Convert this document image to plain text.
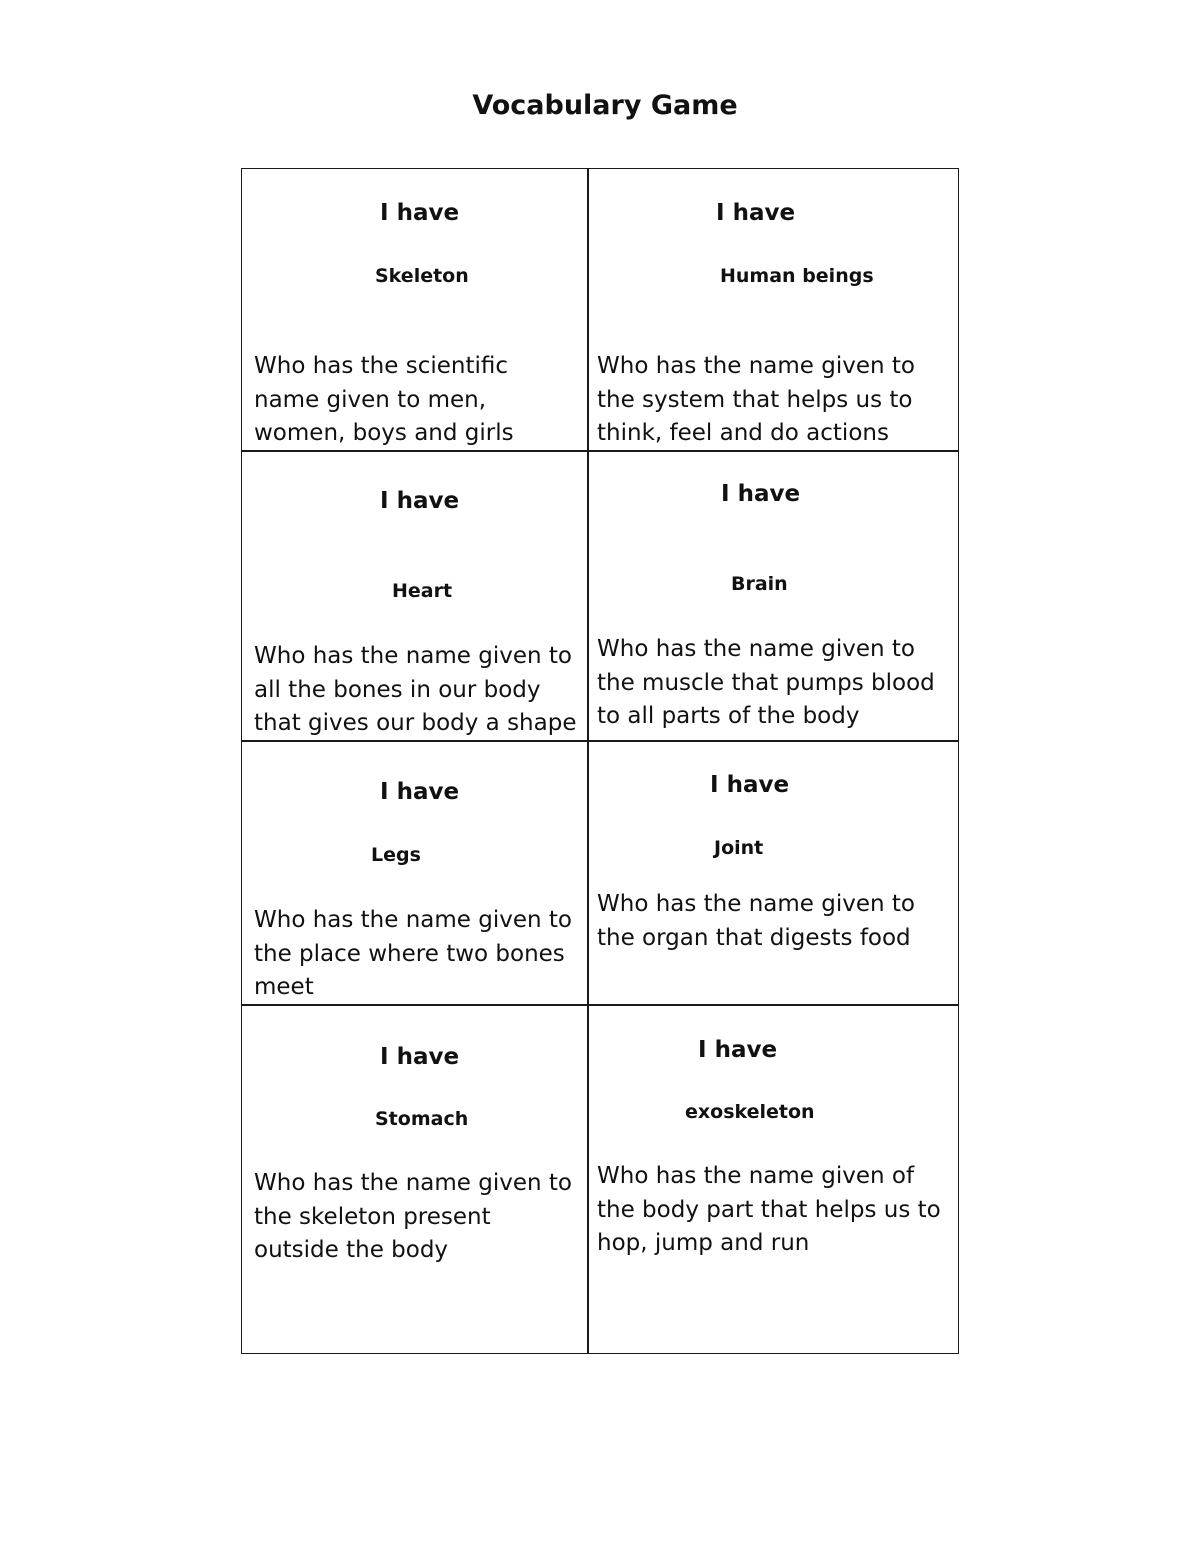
Vocabulary Game
I have
Skeleton
Who has the scientific name given to men, women, boys and girls
I have
Human beings
Who has the name given to the system that helps us to think, feel and do actions
I have
Heart
Who has the name given to all the bones in our body that gives our body a shape
I have
Brain
Who has the name given to the muscle that pumps blood to all parts of the body
I have
Legs
Who has the name given to the place where two bones meet
I have
Joint
Who has the name given to the organ that digests food
I have
Stomach
Who has the name given to the skeleton present outside the body
I have
exoskeleton
Who has the name given of the body part that helps us to hop, jump and run
